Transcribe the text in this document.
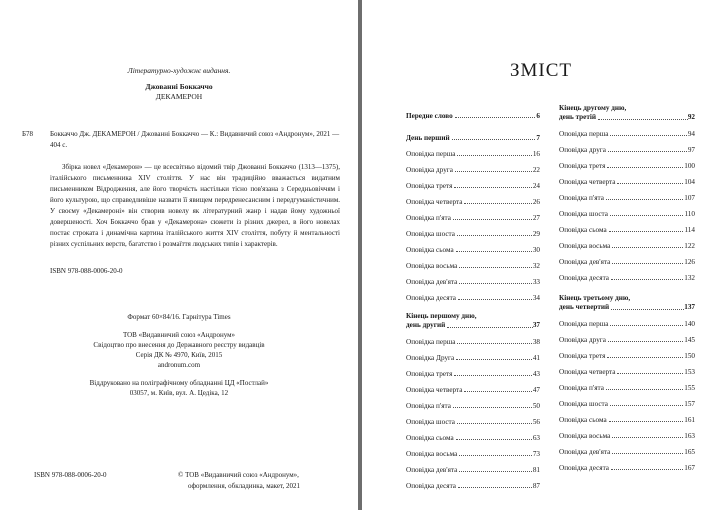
Літературно-художнє видання.
Джованні Боккаччо
ДЕКАМЕРОН
Б78 Боккаччо Дж. ДЕКАМЕРОН / Джованні Боккаччо — К.: Видавничий союз «Андронум», 2021 — 404 с.
Збірка новел «Декамерон» — це всесвітньо відомий твір Джованні Боккаччо (1313—1375), італійського письменника XIV століття. У нас він традиційно вважається видатним письменником Відродження, але його творчість настільки тісно пов'язана з Середньовіччям і його культурою, що справедливіше назвати її явищем передренесансним і передгуманістичним. У своєму «Декамероні» він створив новелу як літературний жанр і надав йому художньої довершеності. Хоч Боккаччо брав у «Декамерона» сюжети із різних джерел, в його новелах постає строката і динамічна картина італійського життя XIV століття, побуту й ментальності різних суспільних верств, багатство і розмаїття людських типів і характерів.
ISBN 978-088-0006-20-0
Формат 60×84/16. Гарнітура Times
ТОВ «Видавничий союз «Андронум»
Свідоцтво про внесення до Державного реєстру видавців
Серія ДК № 4970, Київ, 2015
andronum.com
Віддруковано на поліграфічному обладнанні ЦД «Постлай»
03057, м. Київ, вул. А. Цедіка, 12
ISBN 978-088-0006-20-0	© ТОВ «Видавничий союз «Андронум»,
оформлення, обкладинка, макет, 2021
ЗМІСТ
Передне слово	6
День перший	7
Оповідка перша	16
Оповідка друга	22
Оповідка третя	24
Оповідка четверта	26
Оповідка п'ята	27
Оповідка шоста	29
Оповідка сьома	30
Оповідка восьма	32
Оповідка дев'ята	33
Оповідка десята	34
Кінець першому дню,
день другий	37
Оповідка перша	38
Оповідка Друга	41
Оповідка третя	43
Оповідка четверта	47
Оповідка п'ята	50
Оповідка шоста	56
Оповідка сьома	63
Оповідка восьма	73
Оповідка дев'ята	81
Оповідка десята	87
Кінець другому дню,
день третій	92
Оповідка перша	94
Оповідка друга	97
Оповідка третя	100
Оповідка четверта	104
Оповідка п'ята	107
Оповідка шоста	110
Оповідка сьома	114
Оповідка восьма	122
Оповідка дев'ята	126
Оповідка десята	132
Кінець третьому дню,
день четвертий	137
Оповідка перша	140
Оповідка друга	145
Оповідка третя	150
Оповідка четверта	153
Оповідка п'ята	155
Оповідка шоста	157
Оповідка сьома	161
Оповідка восьма	163
Оповідка дев'ята	165
Оповідка десята	167
